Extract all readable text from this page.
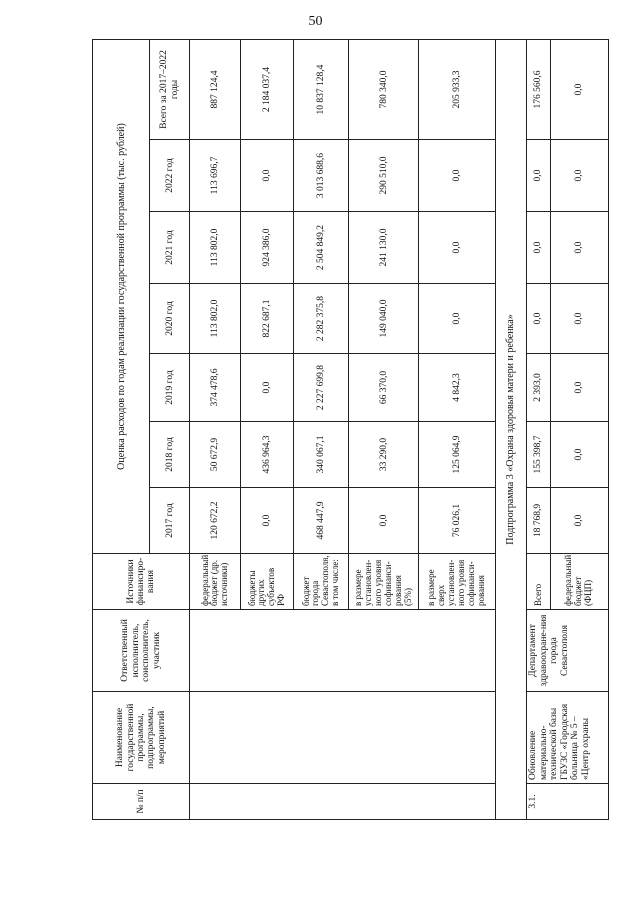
50
№ п/п	Наименование государственной программы, подпрограммы, мероприятий	Ответственный исполнитель, соисполнитель, участник	Источники финансиро-вания	Оценка расходов по годам реализации государственной программы (тыс. рублей)						
				2017 год	2018 год	2019 год	2020 год	2021 год	2022 год	Всего за 2017–2022 годы
			федеральный бюджет (др. источники)	120 672,2	50 672,9	374 478,6	113 802,0	113 802,0	113 696,7	887 124,4
			бюджеты других субъектов РФ	0,0	436 964,3	0,0	822 687,1	924 386,0	0,0	2 184 037,4
			бюджет города Севастополя, в том числе:	468 447,9	340 067,1	2 227 699,8	2 282 375,8	2 504 849,2	3 013 688,6	10 837 128,4
			в размере установлен-ного уровня софинанси-рования (5%)	0,0	33 290,0	66 370,0	149 040,0	241 130,0	290 510,0	780 340,0
			в размере сверх установлен-ного уровня софинанси-рования	76 026,1	125 064,9	4 842,3	0,0	0,0	0,0	205 933,3
Подпрограмма 3 «Охрана здоровья матери и ребенка»										
3.1.	Обновление материально-технической базы ГБУЗС «Городская больница № 5 – «Центр охраны	Департамент здравоохране-ния города Севастополя	Всего	18 768,9	155 398,7	2 393,0	0,0	0,0	0,0	176 560,6
			федеральный бюджет (ФЦП)	0,0	0,0	0,0	0,0	0,0	0,0	0,0
